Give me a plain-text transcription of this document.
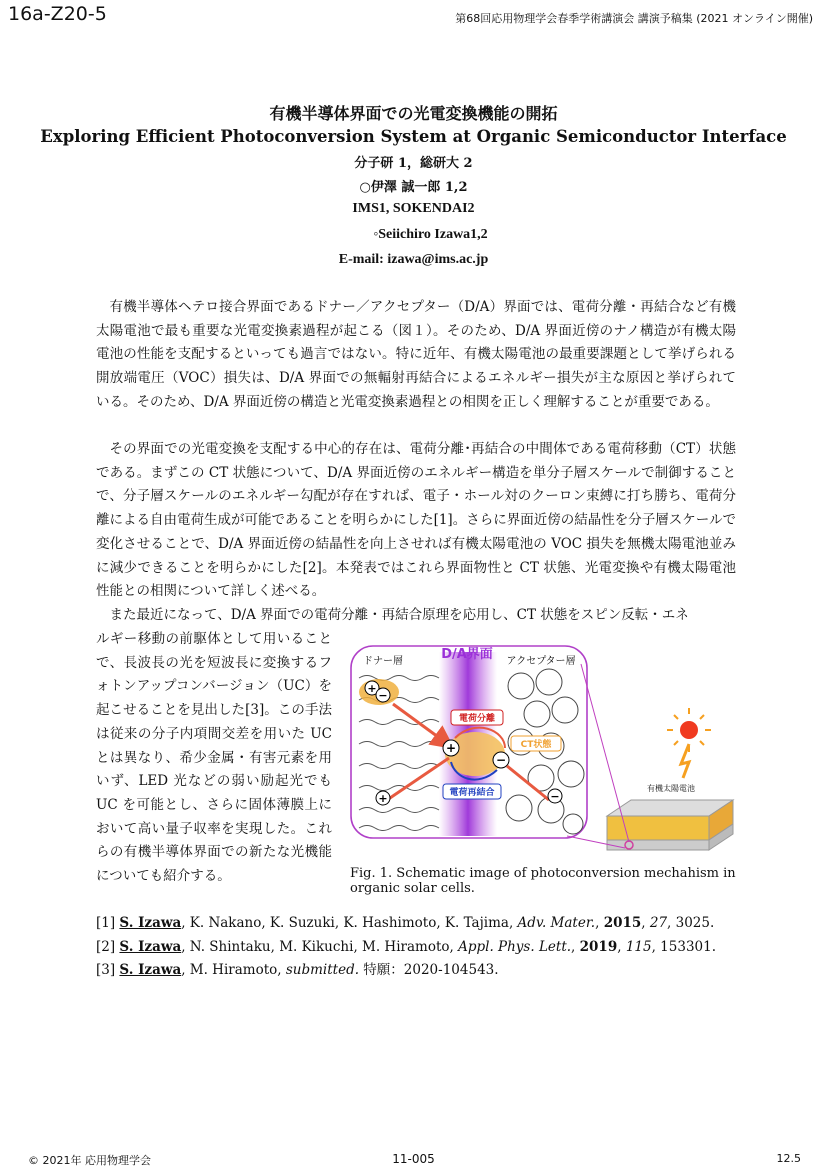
16a-Z20-5	第68回応用物理学会春季学術講演会 講演予稿集 (2021 オンライン開催)
有機半導体界面での光電変換機能の開拓
Exploring Efficient Photoconversion System at Organic Semiconductor Interface
分子研 1，総研大 2
○伊澤 誠一郎 1,2
IMS1, SOKENDAI2
◦Seiichiro Izawa1,2
E-mail: izawa@ims.ac.jp
有機半導体ヘテロ接合界面であるドナー／アクセプター（D/A）界面では、電荷分離・再結合など有機太陽電池で最も重要な光電変換素過程が起こる（図１）。そのため、D/A 界面近傍のナノ構造が有機太陽電池の性能を支配するといっても過言ではない。特に近年、有機太陽電池の最重要課題として挙げられる開放端電圧（VOC）損失は、D/A 界面での無輻射再結合によるエネルギー損失が主な原因と挙げられている。そのため、D/A 界面近傍の構造と光電変換素過程との相関を正しく理解することが重要である。
その界面での光電変換を支配する中心的存在は、電荷分離･再結合の中間体である電荷移動（CT）状態である。まずこの CT 状態について、D/A 界面近傍のエネルギー構造を単分子層スケールで制御することで、分子層スケールのエネルギー勾配が存在すれば、電子・ホール対のクーロン束縛に打ち勝ち、電荷分離による自由電荷生成が可能であることを明らかにした[1]。さらに界面近傍の結晶性を分子層スケールで変化させることで、D/A 界面近傍の結晶性を向上させれば有機太陽電池の VOC 損失を無機太陽電池並みに減少できることを明らかにした[2]。本発表ではこれら界面物性と CT 状態、光電変換や有機太陽電池性能との相関について詳しく述べる。
また最近になって、D/A 界面での電荷分離・再結合原理を応用し、CT 状態をスピン反転・エネ
ルギー移動の前駆体として用いることで、長波長の光を短波長に変換するフォトンアップコンバージョン（UC）を起こせることを見出した[3]。この手法は従来の分子内項間交差を用いた UC とは異なり、希少金属・有害元素を用いず、LED 光などの弱い励起光でも UC を可能とし、さらに固体薄膜上において高い量子収率を実現した。これらの有機半導体界面での新たな光機能についても紹介する。
D/A界面
ドナー層	アクセプター層
+
−
+
−
+	−
電荷分離
CT状態
電荷再結合	有機太陽電池
Fig. 1. Schematic image of photoconversion mechahism in organic solar cells.
[1] S. Izawa, K. Nakano, K. Suzuki, K. Hashimoto, K. Tajima, Adv. Mater., 2015, 27, 3025.
[2] S. Izawa, N. Shintaku, M. Kikuchi, M. Hiramoto, Appl. Phys. Lett., 2019, 115, 153301.
[3] S. Izawa, M. Hiramoto, submitted. 特願：2020-104543.
© 2021年 応用物理学会	11-005	12.5
